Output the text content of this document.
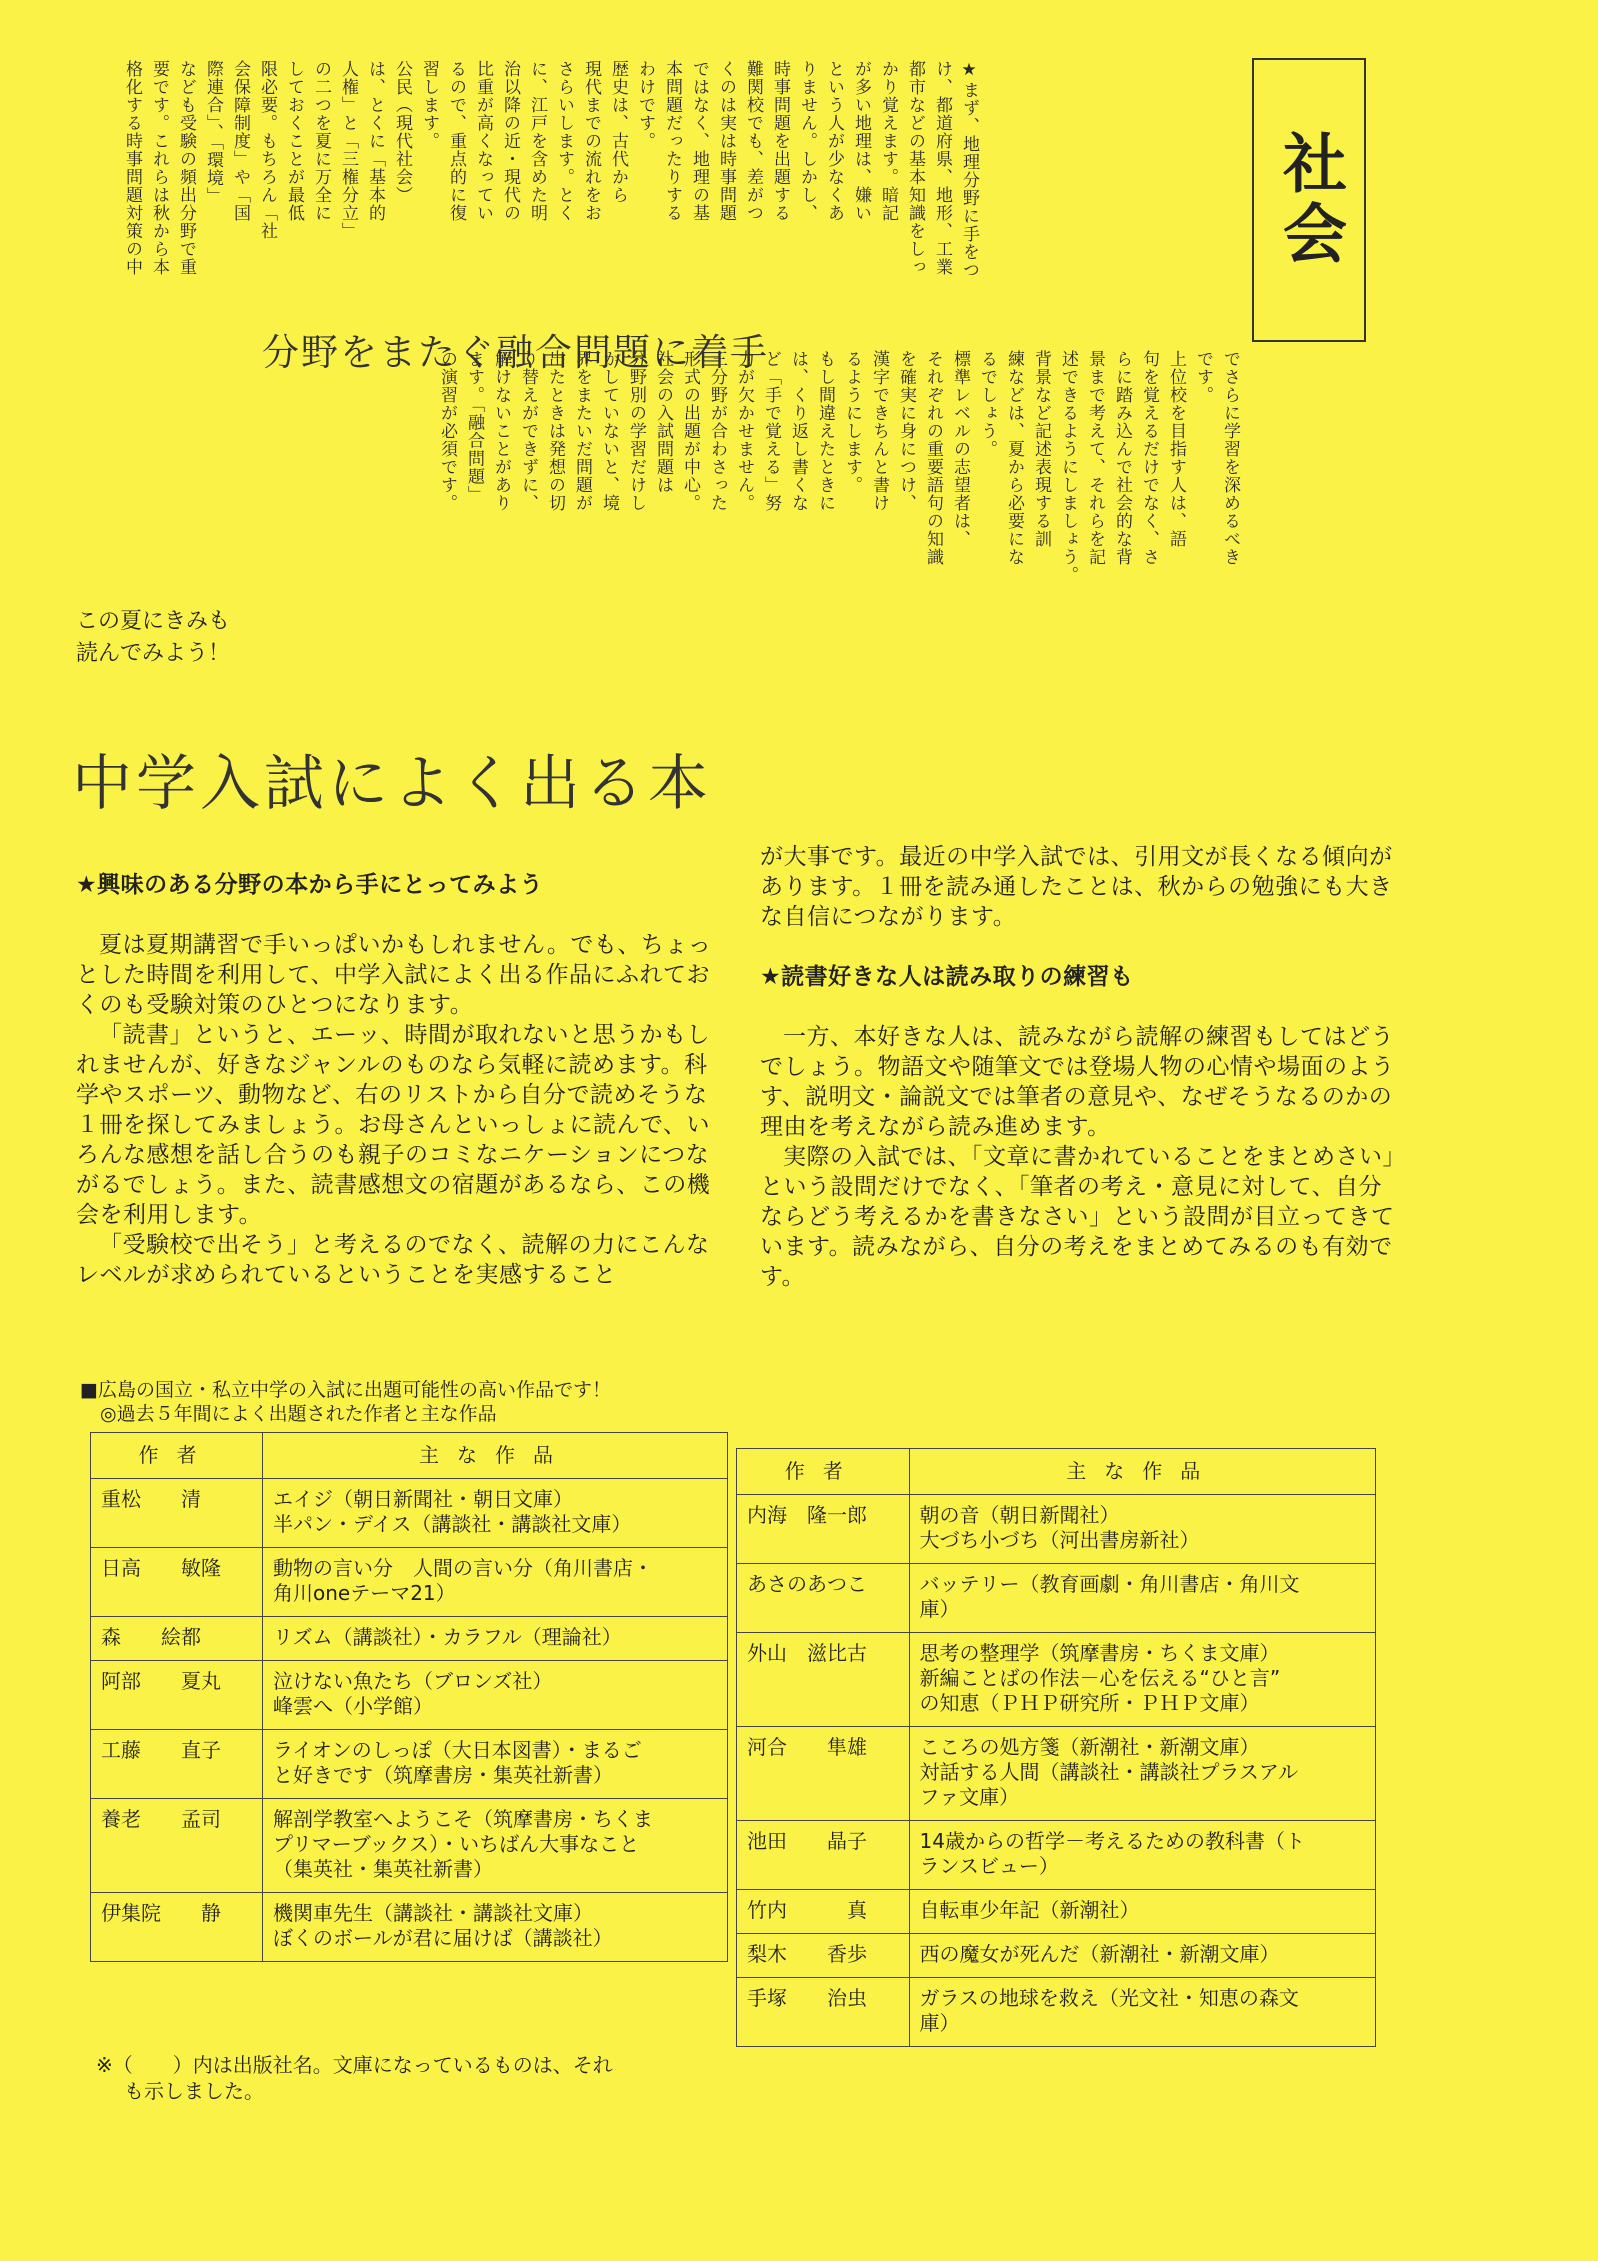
社会
でさらに学習を深めるべき
です。
上位校を目指す人は、語
句を覚えるだけでなく、さ
らに踏み込んで社会的な背
景まで考えて、それらを記
述できるようにしましょう。
背景など記述表現する訓
練などは、夏から必要にな
るでしょう。
標準レベルの志望者は、
それぞれの重要語句の知識
を確実に身につけ、
漢字できちんと書け
るようにします。
もし間違えたときに
は、くり返し書くな
ど「手で覚える」努
力が欠かせません。
三分野が合わさった
形式の出題が中心。
社会の入試問題は
分野別の学習だけし
かしていないと、境
界をまたいだ問題が
出たときは発想の切
り替えができずに、
解けないことがあり
ます。「融合問題」
の演習が必須です。
分野をまたぐ融合問題に着手
★まず、地理分野に手をつ
け、都道府県、地形、工業
都市などの基本知識をしっ
かり覚えます。暗記
が多い地理は、嫌い
という人が少なくあ
りません。しかし、
時事問題を出題する
難関校でも、差がつ
くのは実は時事問題
ではなく、地理の基
本問題だったりする
わけです。
歴史は、古代から
現代までの流れをお
さらいします。とく
に、江戸を含めた明
治以降の近・現代の
比重が高くなってい
るので、重点的に復
習します。
公民（現代社会）
は、とくに「基本的
人権」と「三権分立」
の二つを夏に万全に
しておくことが最低
限必要。もちろん「社
会保障制度」や「国
際連合」、「環境」
なども受験の頻出分野で重
要です。これらは秋から本
格化する時事問題対策の中
この夏にきみも
読んでみよう！
中学入試によく出る本
★興味のある分野の本から手にとってみよう

夏は夏期講習で手いっぱいかもしれません。でも、ちょっとした時間を利用して、中学入試によく出る作品にふれておくのも受験対策のひとつになります。

「読書」というと、エーッ、時間が取れないと思うかもしれませんが、好きなジャンルのものなら気軽に読めます。科学やスポーツ、動物など、右のリストから自分で読めそうな１冊を探してみましょう。お母さんといっしょに読んで、いろんな感想を話し合うのも親子のコミなニケーションにつながるでしょう。また、読書感想文の宿題があるなら、この機会を利用します。

「受験校で出そう」と考えるのでなく、読解の力にこんなレベルが求められているということを実感すること

が大事です。最近の中学入試では、引用文が長くなる傾向があります。１冊を読み通したことは、秋からの勉強にも大きな自信につながります。

★読書好きな人は読み取りの練習も

一方、本好きな人は、読みながら読解の練習もしてはどうでしょう。物語文や随筆文では登場人物の心情や場面のようす、説明文・論説文では筆者の意見や、なぜそうなるのかの理由を考えながら読み進めます。

実際の入試では、「文章に書かれていることをまとめさい」という設問だけでなく、「筆者の考え・意見に対して、自分ならどう考えるかを書きなさい」という設問が目立ってきています。読みながら、自分の考えをまとめてみるのも有効です。

■広島の国立・私立中学の入試に出題可能性の高い作品です！
◎過去５年間によく出題された作者と主な作品
作者	主な作品
重松　　清	エイジ（朝日新聞社・朝日文庫）
半パン・デイス（講談社・講談社文庫）

日高　　敏隆	動物の言い分　人間の言い分（角川書店・
角川oneテーマ21）

森　　絵都	リズム（講談社）・カラフル（理論社）

阿部　　夏丸	泣けない魚たち（ブロンズ社）
峰雲へ（小学館）

工藤　　直子	ライオンのしっぽ（大日本図書）・まるご
と好きです（筑摩書房・集英社新書）

養老　　孟司	解剖学教室へようこそ（筑摩書房・ちくま
プリマーブックス）・いちばん大事なこと
（集英社・集英社新書）

伊集院　　静	機関車先生（講談社・講談社文庫）
ぼくのボールが君に届けば（講談社）
作者	主な作品
内海　隆一郎	朝の音（朝日新聞社）
大づち小づち（河出書房新社）

あさのあつこ	バッテリー（教育画劇・角川書店・角川文
庫）

外山　滋比古	思考の整理学（筑摩書房・ちくま文庫）
新編ことばの作法－心を伝える“ひと言”
の知恵（ＰＨＰ研究所・ＰＨＰ文庫）

河合　　隼雄	こころの処方箋（新潮社・新潮文庫）
対話する人間（講談社・講談社プラスアル
ファ文庫）

池田　　晶子	14歳からの哲学－考えるための教科書（ト
ランスビュー）

竹内　　　真	自転車少年記（新潮社）

梨木　　香歩	西の魔女が死んだ（新潮社・新潮文庫）

手塚　　治虫	ガラスの地球を救え（光文社・知恵の森文
庫）
※（　　）内は出版社名。文庫になっているものは、それ
も示しました。
